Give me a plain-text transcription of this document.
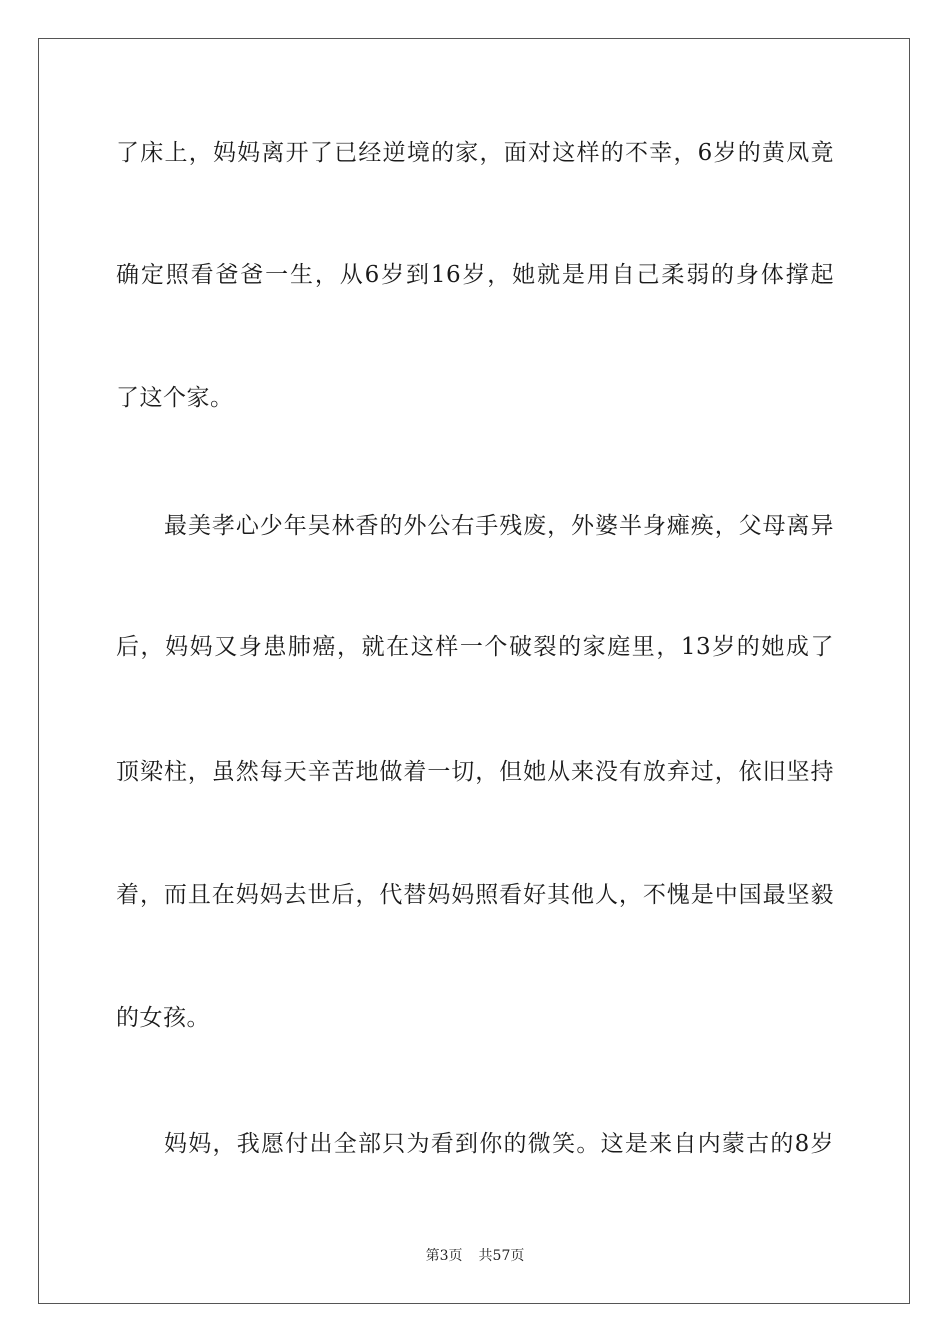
了床上，妈妈离开了已经逆境的家，面对这样的不幸，6岁的黄凤竟
确定照看爸爸一生，从6岁到16岁，她就是用自己柔弱的身体撑起
了这个家。
最美孝心少年吴林香的外公右手残废，外婆半身瘫痪，父母离异
后，妈妈又身患肺癌，就在这样一个破裂的家庭里，13岁的她成了
顶梁柱，虽然每天辛苦地做着一切，但她从来没有放弃过，依旧坚持
着，而且在妈妈去世后，代替妈妈照看好其他人，不愧是中国最坚毅
的女孩。
妈妈，我愿付出全部只为看到你的微笑。这是来自内蒙古的8岁
第3页 共57页
